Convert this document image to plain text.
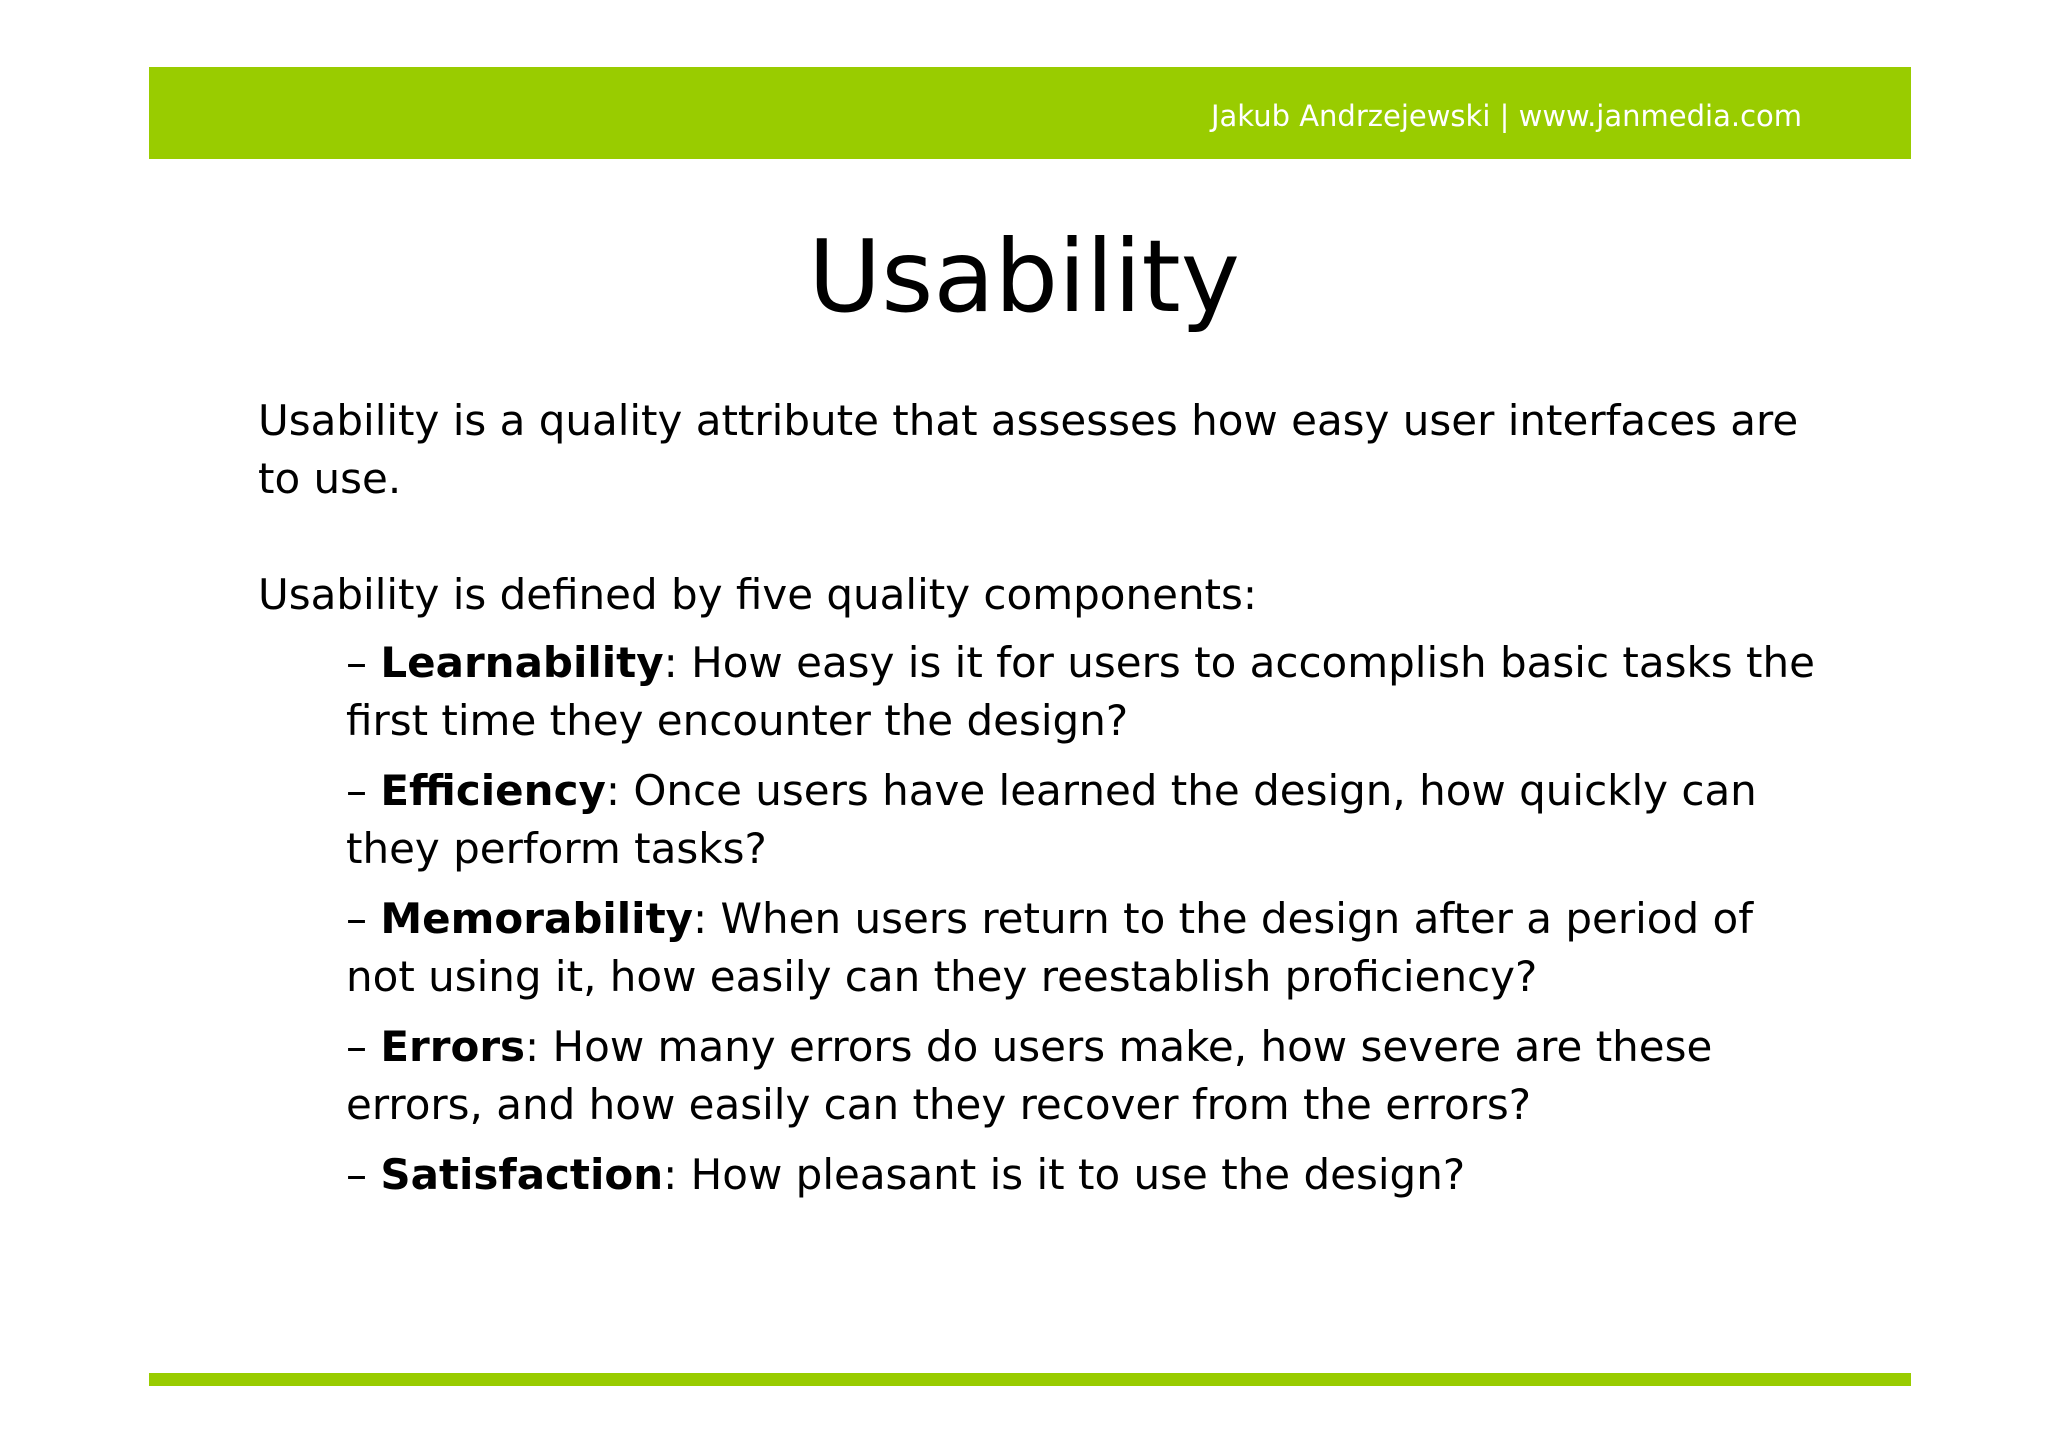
Jakub Andrzejewski | www.janmedia.com
Usability

Usability is a quality attribute that assesses how easy user interfaces are to use.

Usability is defined by five quality components:

– Learnability: How easy is it for users to accomplish basic tasks the first time they encounter the design?
– Efficiency: Once users have learned the design, how quickly can they perform tasks?
– Memorability: When users return to the design after a period of not using it, how easily can they reestablish proficiency?
– Errors: How many errors do users make, how severe are these errors, and how easily can they recover from the errors?
– Satisfaction: How pleasant is it to use the design?
